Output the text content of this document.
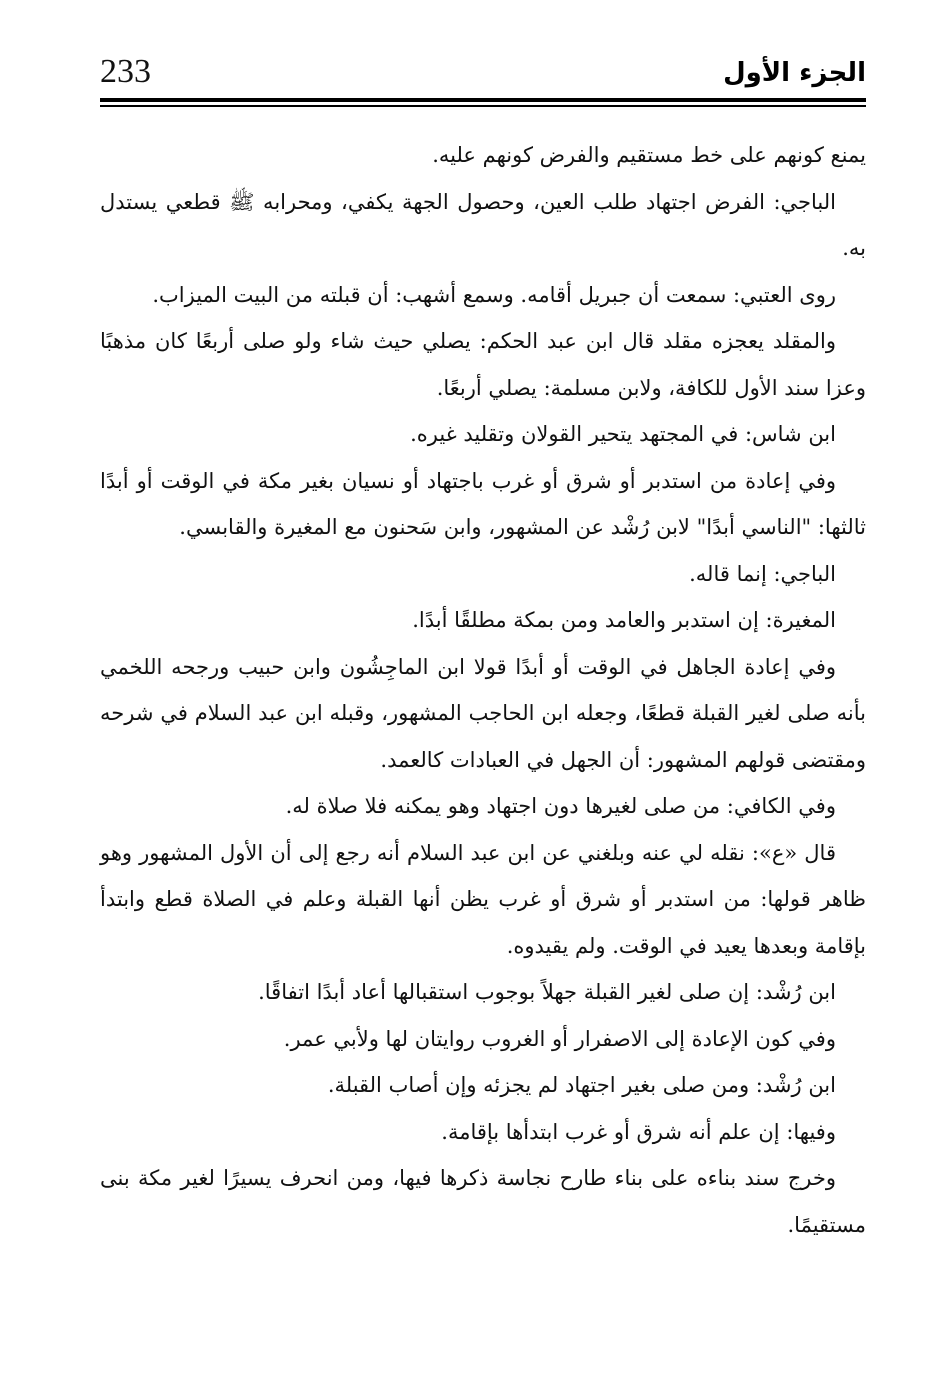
233	الجزء الأول

يمنع كونهم على خط مستقيم والفرض كونهم عليه.

الباجي: الفرض اجتهاد طلب العين، وحصول الجهة يكفي، ومحرابه ﷺ قطعي يستدل به.

روى العتبي: سمعت أن جبريل أقامه. وسمع أشهب: أن قبلته من البيت الميزاب.

والمقلد يعجزه مقلد قال ابن عبد الحكم: يصلي حيث شاء ولو صلى أربعًا كان مذهبًا وعزا سند الأول للكافة، ولابن مسلمة: يصلي أربعًا.

ابن شاس: في المجتهد يتحير القولان وتقليد غيره.

وفي إعادة من استدبر أو شرق أو غرب باجتهاد أو نسيان بغير مكة في الوقت أو أبدًا ثالثها: "الناسي أبدًا" لابن رُشْد عن المشهور، وابن سَحنون مع المغيرة والقابسي.

الباجي: إنما قاله.

المغيرة: إن استدبر والعامد ومن بمكة مطلقًا أبدًا.

وفي إعادة الجاهل في الوقت أو أبدًا قولا ابن الماجِشُون وابن حبيب ورجحه اللخمي بأنه صلى لغير القبلة قطعًا، وجعله ابن الحاجب المشهور، وقبله ابن عبد السلام في شرحه ومقتضى قولهم المشهور: أن الجهل في العبادات كالعمد.

وفي الكافي: من صلى لغيرها دون اجتهاد وهو يمكنه فلا صلاة له.

قال «ع»: نقله لي عنه وبلغني عن ابن عبد السلام أنه رجع إلى أن الأول المشهور وهو ظاهر قولها: من استدبر أو شرق أو غرب يظن أنها القبلة وعلم في الصلاة قطع وابتدأ بإقامة وبعدها يعيد في الوقت. ولم يقيدوه.

ابن رُشْد: إن صلى لغير القبلة جهلاً بوجوب استقبالها أعاد أبدًا اتفاقًا.

وفي كون الإعادة إلى الاصفرار أو الغروب روايتان لها ولأبي عمر.

ابن رُشْد: ومن صلى بغير اجتهاد لم يجزئه وإن أصاب القبلة.

وفيها: إن علم أنه شرق أو غرب ابتدأها بإقامة.

وخرج سند بناءه على بناء طارح نجاسة ذكرها فيها، ومن انحرف يسيرًا لغير مكة بنى مستقيمًا.
